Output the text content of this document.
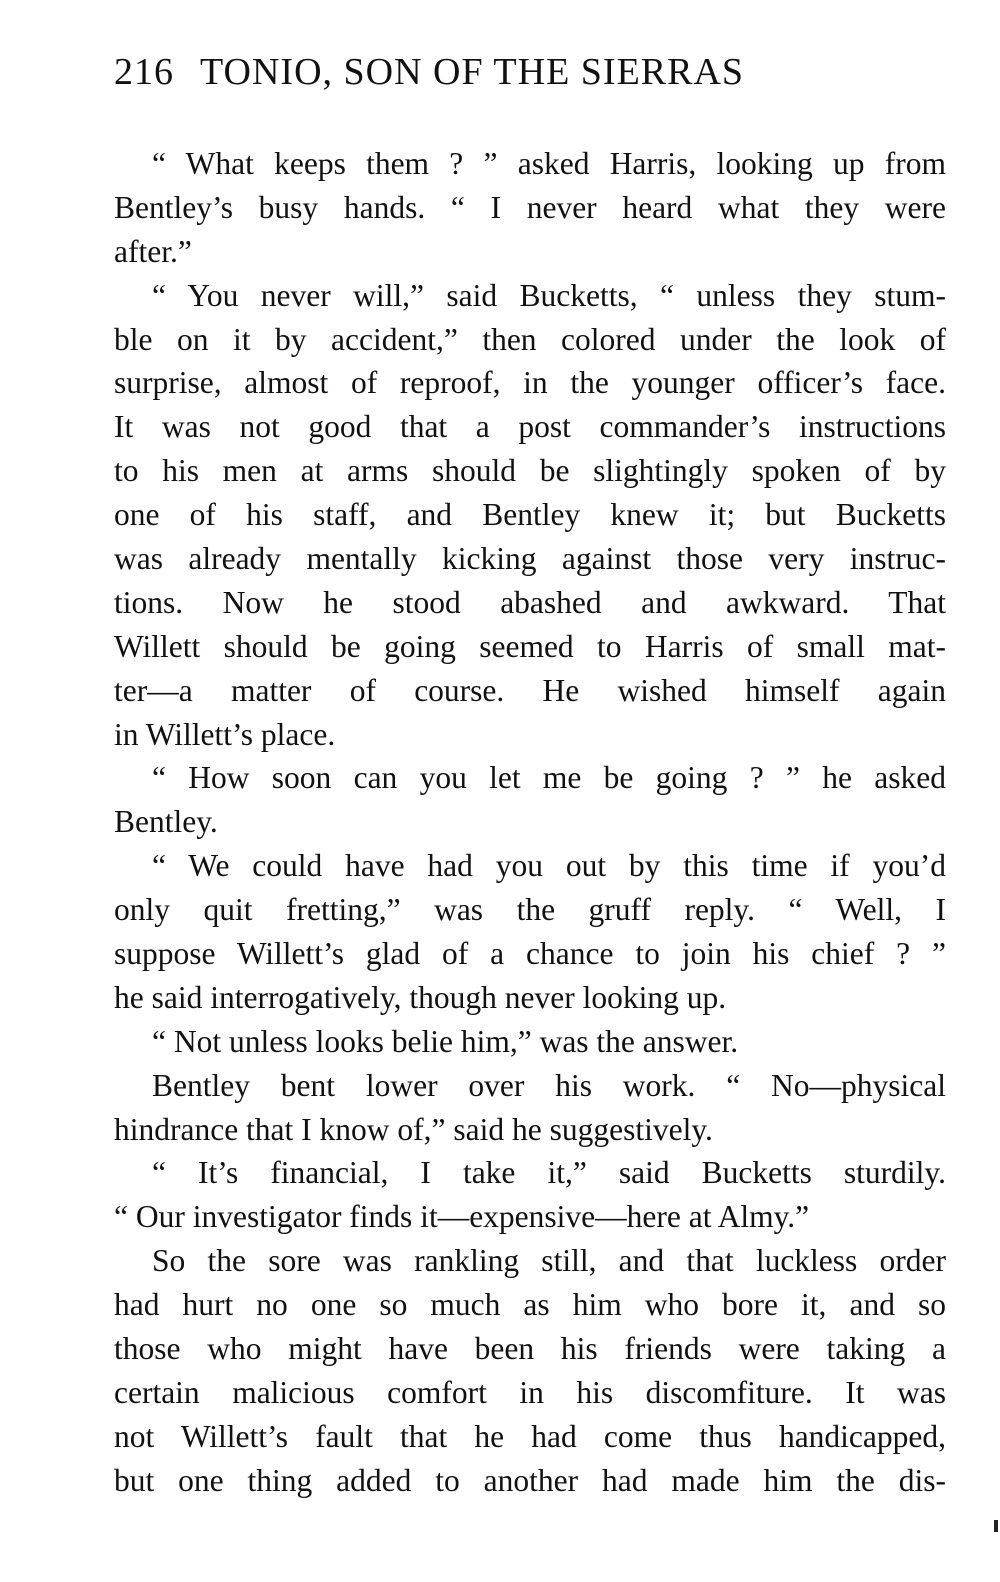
216 TONIO, SON OF THE SIERRAS
“ What keeps them ? ” asked Harris, looking up from
Bentley’s busy hands. “ I never heard what they were
after.”
“ You never will,” said Bucketts, “ unless they stum-
ble on it by accident,” then colored under the look of
surprise, almost of reproof, in the younger officer’s face.
It was not good that a post commander’s instructions
to his men at arms should be slightingly spoken of by
one of his staff, and Bentley knew it; but Bucketts
was already mentally kicking against those very instruc-
tions. Now he stood abashed and awkward. That
Willett should be going seemed to Harris of small mat-
ter—a matter of course. He wished himself again
in Willett’s place.
“ How soon can you let me be going ? ” he asked
Bentley.
“ We could have had you out by this time if you’d
only quit fretting,” was the gruff reply. “ Well, I
suppose Willett’s glad of a chance to join his chief ? ”
he said interrogatively, though never looking up.
“ Not unless looks belie him,” was the answer.
Bentley bent lower over his work. “ No—physical
hindrance that I know of,” said he suggestively.
“ It’s financial, I take it,” said Bucketts sturdily.
“ Our investigator finds it—expensive—here at Almy.”
So the sore was rankling still, and that luckless order
had hurt no one so much as him who bore it, and so
those who might have been his friends were taking a
certain malicious comfort in his discomfiture. It was
not Willett’s fault that he had come thus handicapped,
but one thing added to another had made him the dis-
